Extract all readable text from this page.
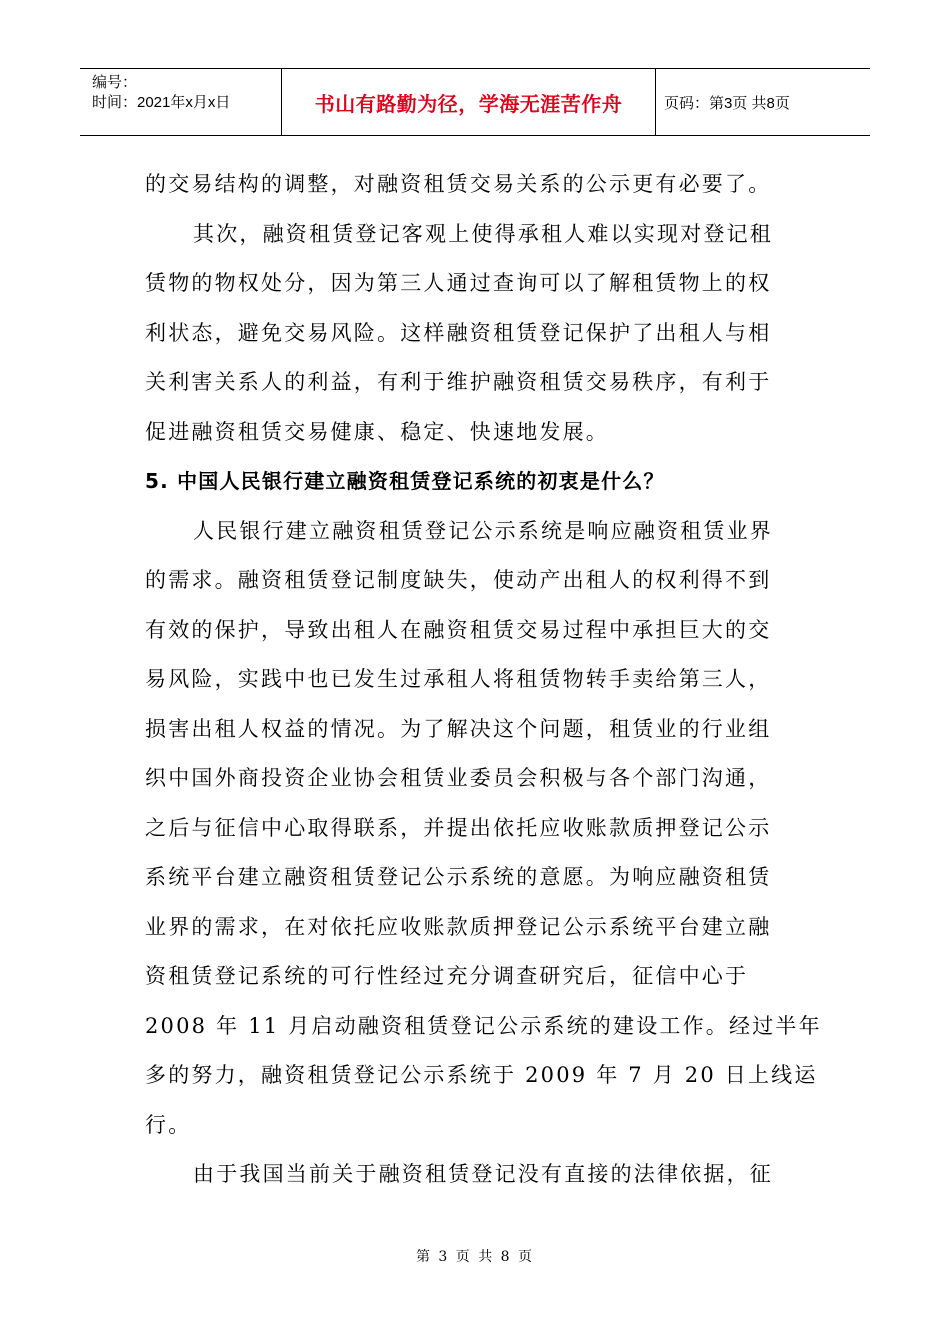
编号：
时间：2021年x月x日	书山有路勤为径，学海无涯苦作舟	页码：第3页 共8页
的交易结构的调整，对融资租赁交易关系的公示更有必要了。
其次，融资租赁登记客观上使得承租人难以实现对登记租
赁物的物权处分，因为第三人通过查询可以了解租赁物上的权
利状态，避免交易风险。这样融资租赁登记保护了出租人与相
关利害关系人的利益，有利于维护融资租赁交易秩序，有利于
促进融资租赁交易健康、稳定、快速地发展。
5. 中国人民银行建立融资租赁登记系统的初衷是什么？
人民银行建立融资租赁登记公示系统是响应融资租赁业界
的需求。融资租赁登记制度缺失，使动产出租人的权利得不到
有效的保护，导致出租人在融资租赁交易过程中承担巨大的交
易风险，实践中也已发生过承租人将租赁物转手卖给第三人，
损害出租人权益的情况。为了解决这个问题，租赁业的行业组
织中国外商投资企业协会租赁业委员会积极与各个部门沟通，
之后与征信中心取得联系，并提出依托应收账款质押登记公示
系统平台建立融资租赁登记公示系统的意愿。为响应融资租赁
业界的需求，在对依托应收账款质押登记公示系统平台建立融
资租赁登记系统的可行性经过充分调查研究后，征信中心于
2008 年 11 月启动融资租赁登记公示系统的建设工作。经过半年
多的努力，融资租赁登记公示系统于 2009 年 7 月 20 日上线运
行。
由于我国当前关于融资租赁登记没有直接的法律依据，征
第 3 页 共 8 页
